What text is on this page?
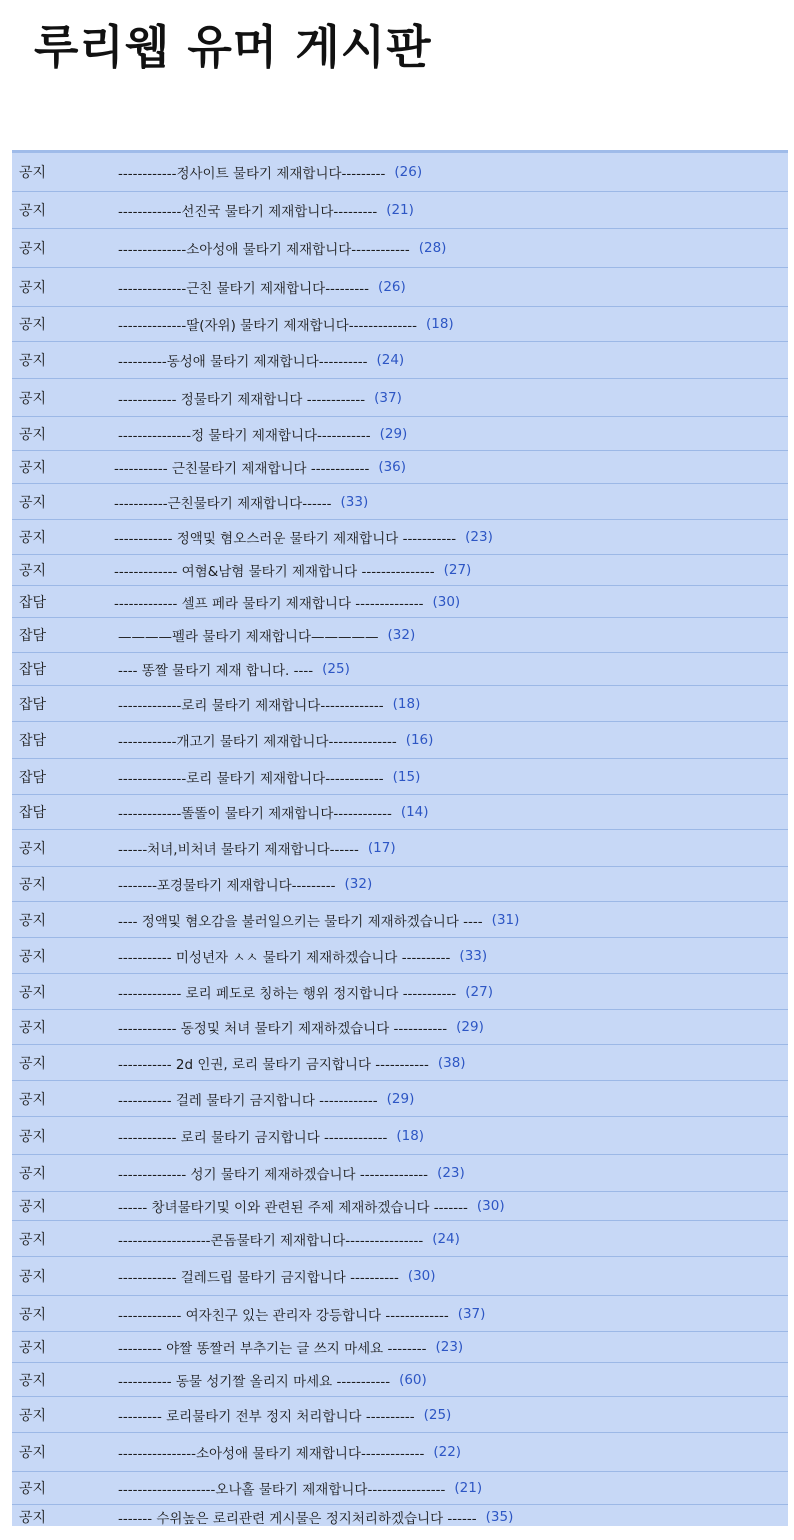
루리웹 유머 게시판
공지	------------정사이트 물타기 제재합니다--------- (26)
공지	-------------선진국 물타기 제재합니다--------- (21)
공지	--------------소아성애 물타기 제재합니다------------ (28)
공지	--------------근친 물타기 제재합니다--------- (26)
공지	--------------딸(자위) 물타기 제재합니다-------------- (18)
공지	----------동성애 물타기 제재합니다---------- (24)
공지	------------ 정물타기 제재합니다 ------------ (37)
공지	---------------정 물타기 제재합니다----------- (29)
공지	----------- 근친물타기 제재합니다 ------------ (36)
공지	-----------근친물타기 제재합니다------ (33)
공지	------------ 정액및 혐오스러운 물타기 제재합니다 ----------- (23)
공지	------------- 여혐&남혐 물타기 제재합니다 --------------- (27)
잡담	------------- 셀프 페라 물타기 제재합니다 -------------- (30)
잡담	————펠라 물타기 제재합니다————— (32)
잡담	---- 똥짤 물타기 제재 합니다. ---- (25)
잡담	-------------로리 물타기 제재합니다------------- (18)
잡담	------------개고기 물타기 제재합니다-------------- (16)
잡담	--------------로리 물타기 제재합니다------------ (15)
잡담	-------------똘똘이 물타기 제재합니다------------ (14)
공지	------처녀,비처녀 물타기 제재합니다------ (17)
공지	--------포경물타기 제재합니다--------- (32)
공지	---- 정액및 혐오감을 불러일으키는 물타기 제재하겠습니다 ---- (31)
공지	----------- 미성년자 ㅅㅅ 물타기 제재하겠습니다 ---------- (33)
공지	------------- 로리 페도로 칭하는 행위 정지합니다 ----------- (27)
공지	------------ 동정및 처녀 물타기 제재하겠습니다 ----------- (29)
공지	----------- 2d 인권, 로리 물타기 금지합니다 ----------- (38)
공지	----------- 걸레 물타기 금지합니다 ------------ (29)
공지	------------ 로리 물타기 금지합니다 ------------- (18)
공지	-------------- 성기 물타기 제재하겠습니다 -------------- (23)
공지	------ 창녀물타기및 이와 관련된 주제 제재하겠습니다 ------- (30)
공지	-------------------콘돔물타기 제재합니다---------------- (24)
공지	------------ 걸레드립 물타기 금지합니다 ---------- (30)
공지	------------- 여자친구 있는 관리자 강등합니다 ------------- (37)
공지	--------- 야짤 똥짤러 부추기는 글 쓰지 마세요 -------- (23)
공지	----------- 동물 성기짤 올리지 마세요 ----------- (60)
공지	--------- 로리물타기 전부 정지 처리합니다 ---------- (25)
공지	----------------소아성애 물타기 제재합니다------------- (22)
공지	--------------------오나홀 물타기 제재합니다---------------- (21)
공지	------- 수위높은 로리관련 게시물은 정지처리하겠습니다 ------ (35)
